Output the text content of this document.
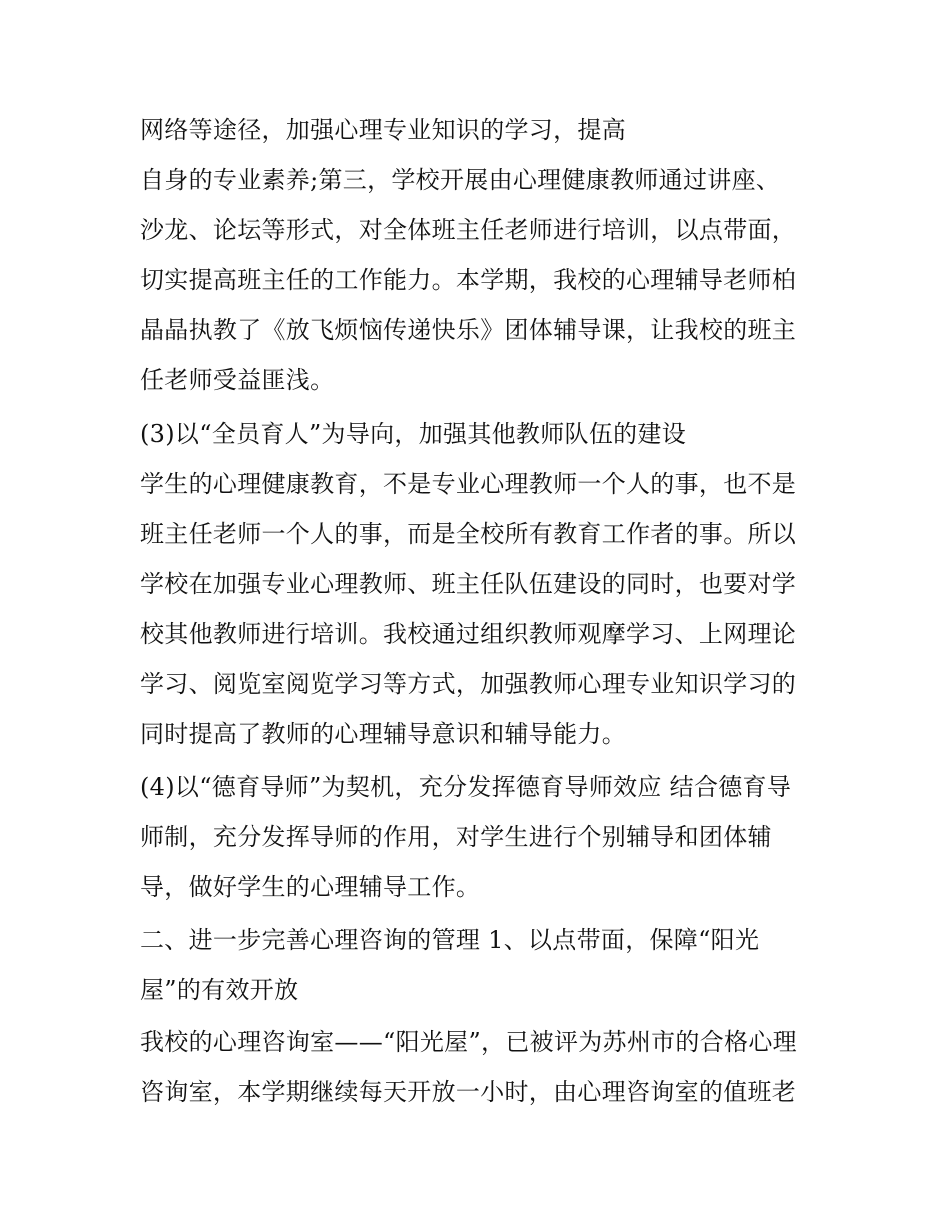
网络等途径，加强心理专业知识的学习，提高
自身的专业素养;第三，学校开展由心理健康教师通过讲座、
沙龙、论坛等形式，对全体班主任老师进行培训，以点带面，
切实提高班主任的工作能力。本学期，我校的心理辅导老师柏
晶晶执教了《放飞烦恼传递快乐》团体辅导课，让我校的班主
任老师受益匪浅。
(3)以“全员育人”为导向，加强其他教师队伍的建设
学生的心理健康教育，不是专业心理教师一个人的事，也不是
班主任老师一个人的事，而是全校所有教育工作者的事。所以
学校在加强专业心理教师、班主任队伍建设的同时，也要对学
校其他教师进行培训。我校通过组织教师观摩学习、上网理论
学习、阅览室阅览学习等方式，加强教师心理专业知识学习的
同时提高了教师的心理辅导意识和辅导能力。
(4)以“德育导师”为契机，充分发挥德育导师效应 结合德育导
师制，充分发挥导师的作用，对学生进行个别辅导和团体辅
导，做好学生的心理辅导工作。
二、进一步完善心理咨询的管理 1、以点带面，保障“阳光
屋”的有效开放
我校的心理咨询室——“阳光屋”，已被评为苏州市的合格心理
咨询室，本学期继续每天开放一小时，由心理咨询室的值班老
